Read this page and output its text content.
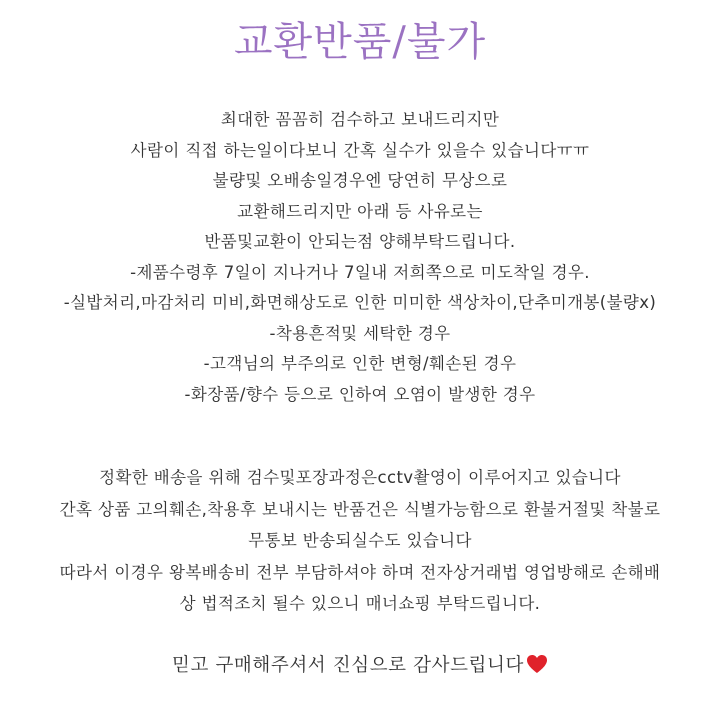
교환반품/불가
최대한 꼼꼼히 검수하고 보내드리지만
사람이 직접 하는일이다보니 간혹 실수가 있을수 있습니다ㅠㅠ
불량및 오배송일경우엔 당연히 무상으로
교환해드리지만 아래 등 사유로는
반품및교환이 안되는점 양해부탁드립니다.
-제품수령후 7일이 지나거나 7일내 저희쪽으로 미도착일 경우.
-실밥처리,마감처리 미비,화면해상도로 인한 미미한 색상차이,단추미개봉(불량x)
-착용흔적및 세탁한 경우
-고객님의 부주의로 인한 변형/훼손된 경우
-화장품/향수 등으로 인하여 오염이 발생한 경우
정확한 배송을 위해 검수및포장과정은cctv촬영이 이루어지고 있습니다
간혹 상품 고의훼손,착용후 보내시는 반품건은 식별가능함으로 환불거절및 착불로
무통보 반송되실수도 있습니다
따라서 이경우 왕복배송비 전부 부담하셔야 하며 전자상거래법 영업방해로 손해배
상 법적조치 될수 있으니 매너쇼핑 부탁드립니다.
믿고 구매해주셔서 진심으로 감사드립니다
